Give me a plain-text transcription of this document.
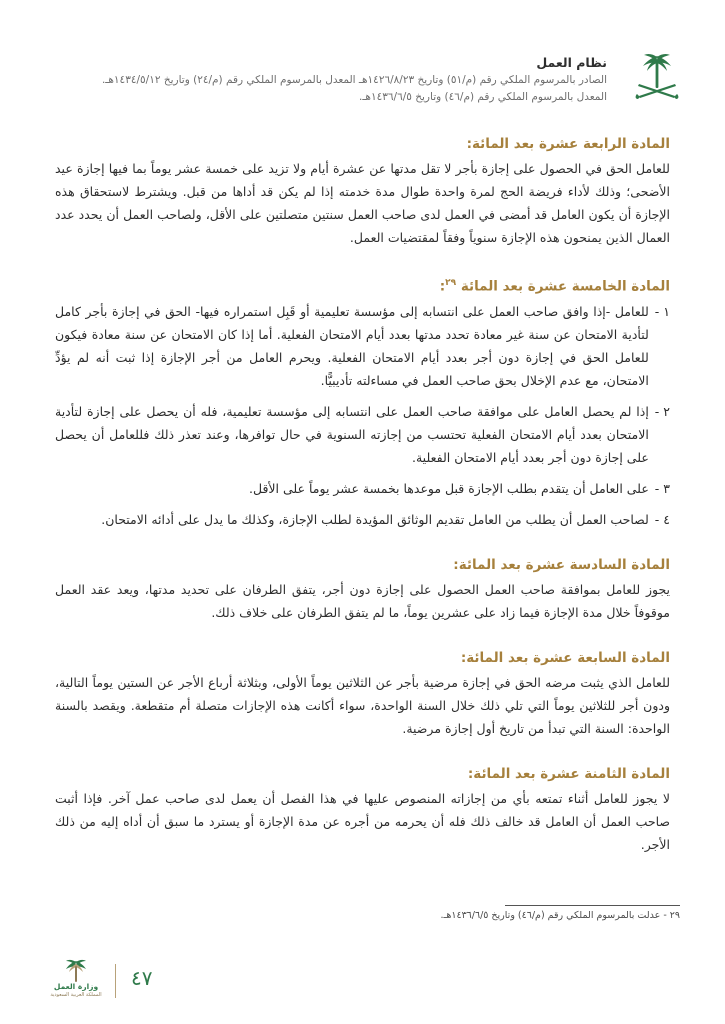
نظام العمل
الصادر بالمرسوم الملكي رقم (م/٥١) وتاريخ ١٤٢٦/٨/٢٣هـ المعدل بالمرسوم الملكي رقم (م/٢٤) وتاريخ ١٤٣٤/٥/١٢هـ.
المعدل بالمرسوم الملكي رقم (م/٤٦) وتاريخ ١٤٣٦/٦/٥هـ.
المادة الرابعة عشرة بعد المائة:

للعامل الحق في الحصول على إجازة بأجر لا تقل مدتها عن عشرة أيام ولا تزيد على خمسة عشر يوماً بما فيها إجازة عيد الأضحى؛ وذلك لأداء فريضة الحج لمرة واحدة طوال مدة خدمته إذا لم يكن قد أداها من قبل. ويشترط لاستحقاق هذه الإجازة أن يكون العامل قد أمضى في العمل لدى صاحب العمل سنتين متصلتين على الأقل، ولصاحب العمل أن يحدد عدد العمال الذين يمنحون هذه الإجازة سنوياً وفقاً لمقتضيات العمل.

المادة الخامسة عشرة بعد المائة $^{٢٩}$:
١ -
للعامل -إذا وافق صاحب العمل على انتسابه إلى مؤسسة تعليمية أو قَبِل استمراره فيها- الحق في إجازة بأجر كامل لتأدية الامتحان عن سنة غير معادة تحدد مدتها بعدد أيام الامتحان الفعلية. أما إذا كان الامتحان عن سنة معادة فيكون للعامل الحق في إجازة دون أجر بعدد أيام الامتحان الفعلية. ويحرم العامل من أجر الإجازة إذا ثبت أنه لم يؤدِّ الامتحان، مع عدم الإخلال بحق صاحب العمل في مساءلته تأديبيًّا.
٢ -
إذا لم يحصل العامل على موافقة صاحب العمل على انتسابه إلى مؤسسة تعليمية، فله أن يحصل على إجازة لتأدية الامتحان بعدد أيام الامتحان الفعلية تحتسب من إجازته السنوية في حال توافرها، وعند تعذر ذلك فللعامل أن يحصل على إجازة دون أجر بعدد أيام الامتحان الفعلية.
٣ -
على العامل أن يتقدم بطلب الإجازة قبل موعدها بخمسة عشر يوماً على الأقل.
٤ -
لصاحب العمل أن يطلب من العامل تقديم الوثائق المؤيدة لطلب الإجازة، وكذلك ما يدل على أدائه الامتحان.
المادة السادسة عشرة بعد المائة:

يجوز للعامل بموافقة صاحب العمل الحصول على إجازة دون أجر، يتفق الطرفان على تحديد مدتها، ويعد عقد العمل موقوفاً خلال مدة الإجازة فيما زاد على عشرين يوماً، ما لم يتفق الطرفان على خلاف ذلك.

المادة السابعة عشرة بعد المائة:

للعامل الذي يثبت مرضه الحق في إجازة مرضية بأجر عن الثلاثين يوماً الأولى، وبثلاثة أرباع الأجر عن الستين يوماً التالية، ودون أجر للثلاثين يوماً التي تلي ذلك خلال السنة الواحدة، سواء أكانت هذه الإجازات متصلة أم متقطعة. ويقصد بالسنة الواحدة: السنة التي تبدأ من تاريخ أول إجازة مرضية.

المادة الثامنة عشرة بعد المائة:

لا يجوز للعامل أثناء تمتعه بأي من إجازاته المنصوص عليها في هذا الفصل أن يعمل لدى صاحب عمل آخر. فإذا أثبت صاحب العمل أن العامل قد خالف ذلك فله أن يحرمه من أجره عن مدة الإجازة أو يسترد ما سبق أن أداه إليه من ذلك الأجر.

٢٩ - عدلت بالمرسوم الملكي رقم (م/٤٦) وتاريخ ١٤٣٦/٦/٥هـ.
وزارة العمل
المملكة العربية السعودية
٤٧
